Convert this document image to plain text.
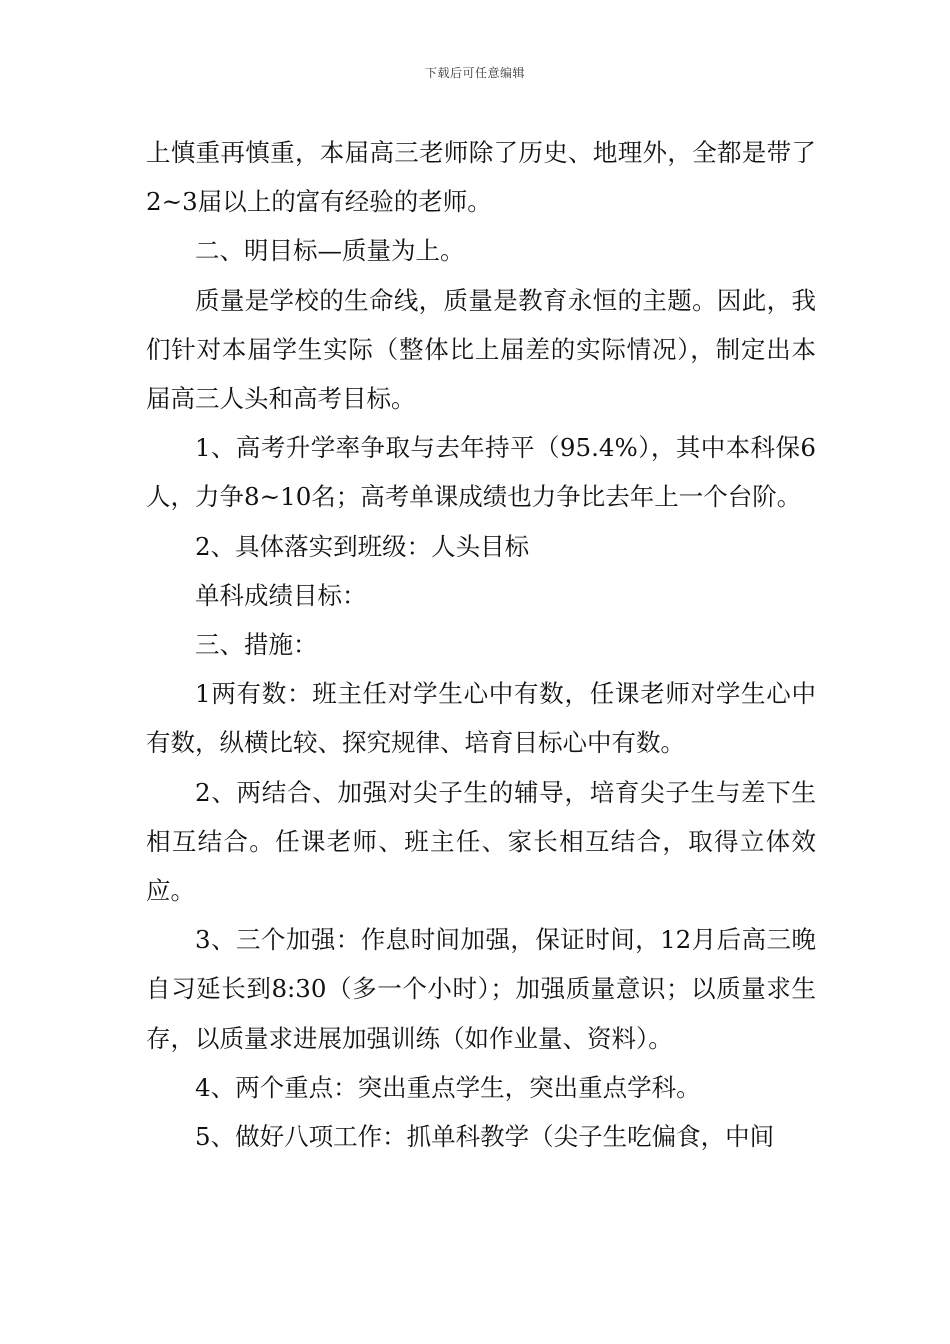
下载后可任意编辑

上慎重再慎重，本届高三老师除了历史、地理外，全都是带了2~3届以上的富有经验的老师。

二、明目标—质量为上。

质量是学校的生命线，质量是教育永恒的主题。因此，我们针对本届学生实际（整体比上届差的实际情况），制定出本届高三人头和高考目标。

1、高考升学率争取与去年持平（95.4%），其中本科保6人，力争8~10名；高考单课成绩也力争比去年上一个台阶。

2、具体落实到班级：人头目标

单科成绩目标：

三、措施：

1两有数：班主任对学生心中有数，任课老师对学生心中有数，纵横比较、探究规律、培育目标心中有数。

2、两结合、加强对尖子生的辅导，培育尖子生与差下生相互结合。任课老师、班主任、家长相互结合，取得立体效应。

3、三个加强：作息时间加强，保证时间，12月后高三晚自习延长到8:30（多一个小时）；加强质量意识；以质量求生存，以质量求进展加强训练（如作业量、资料）。

4、两个重点：突出重点学生，突出重点学科。

5、做好八项工作：抓单科教学（尖子生吃偏食，中间
